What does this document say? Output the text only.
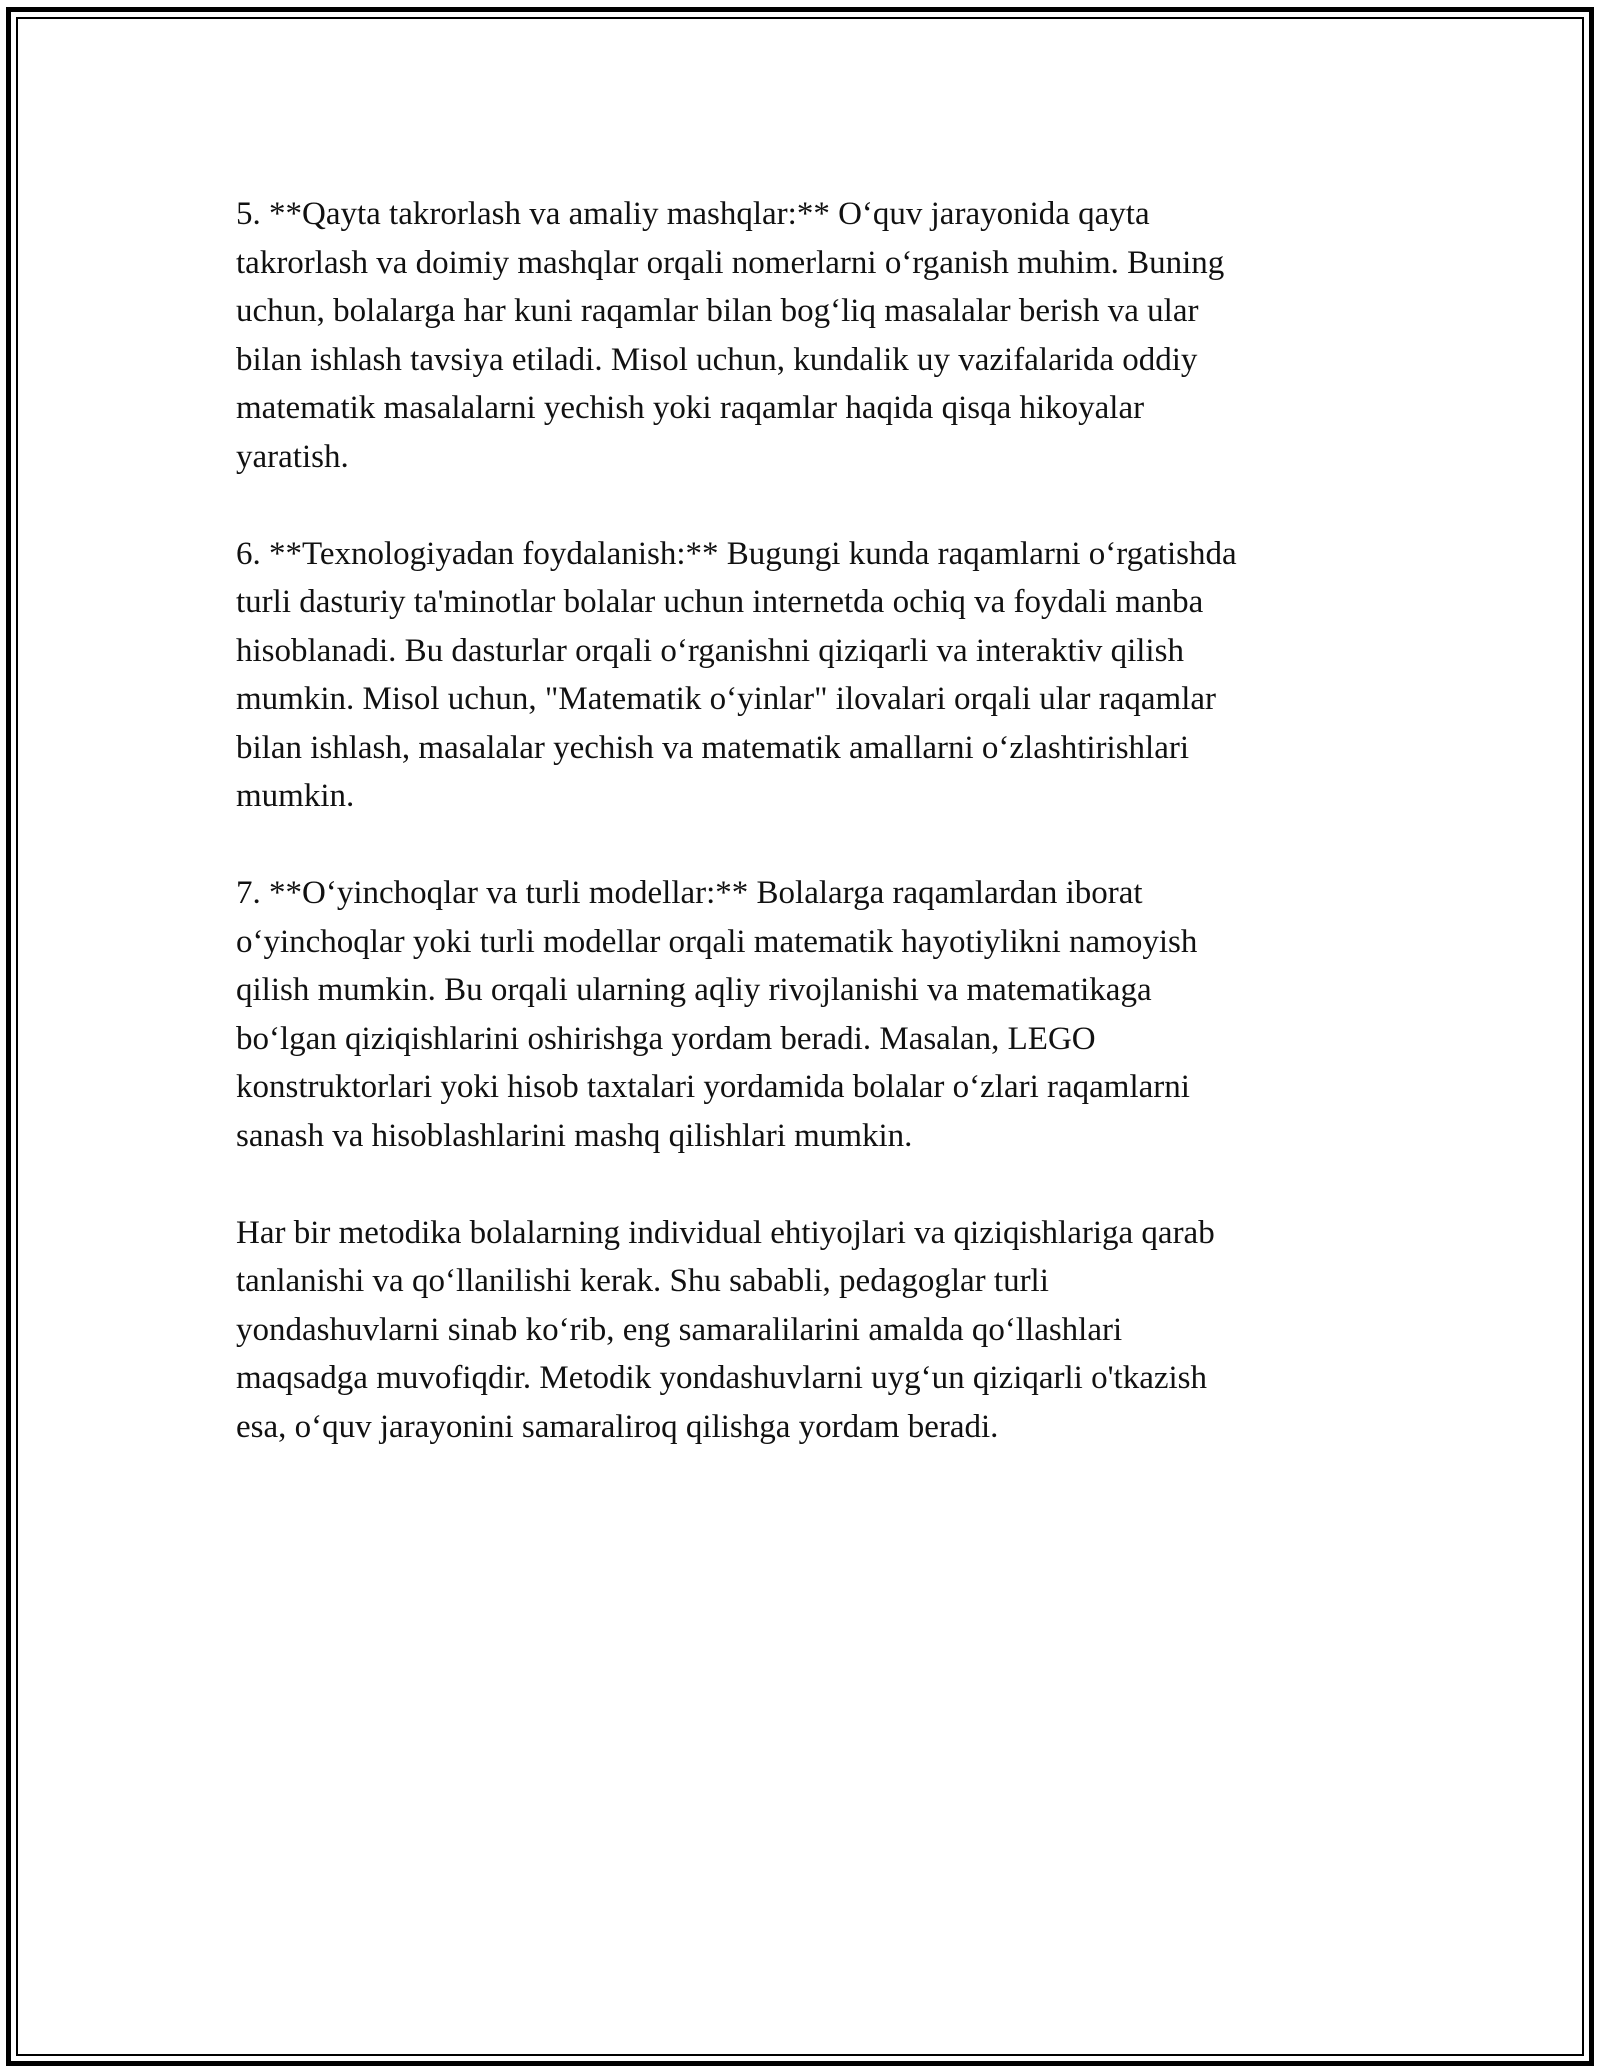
5. **Qayta takrorlash va amaliy mashqlar:** O‘quv jarayonida qayta
takrorlash va doimiy mashqlar orqali nomerlarni o‘rganish muhim. Buning
uchun, bolalarga har kuni raqamlar bilan bog‘liq masalalar berish va ular
bilan ishlash tavsiya etiladi. Misol uchun, kundalik uy vazifalarida oddiy
matematik masalalarni yechish yoki raqamlar haqida qisqa hikoyalar
yaratish.

6. **Texnologiyadan foydalanish:** Bugungi kunda raqamlarni o‘rgatishda
turli dasturiy ta'minotlar bolalar uchun internetda ochiq va foydali manba
hisoblanadi. Bu dasturlar orqali o‘rganishni qiziqarli va interaktiv qilish
mumkin. Misol uchun, "Matematik o‘yinlar" ilovalari orqali ular raqamlar
bilan ishlash, masalalar yechish va matematik amallarni o‘zlashtirishlari
mumkin.

7. **O‘yinchoqlar va turli modellar:** Bolalarga raqamlardan iborat
o‘yinchoqlar yoki turli modellar orqali matematik hayotiylikni namoyish
qilish mumkin. Bu orqali ularning aqliy rivojlanishi va matematikaga
bo‘lgan qiziqishlarini oshirishga yordam beradi. Masalan, LEGO
konstruktorlari yoki hisob taxtalari yordamida bolalar o‘zlari raqamlarni
sanash va hisoblashlarini mashq qilishlari mumkin.

Har bir metodika bolalarning individual ehtiyojlari va qiziqishlariga qarab
tanlanishi va qo‘llanilishi kerak. Shu sababli, pedagoglar turli
yondashuvlarni sinab ko‘rib, eng samaralilarini amalda qo‘llashlari
maqsadga muvofiqdir. Metodik yondashuvlarni uyg‘un qiziqarli o'tkazish
esa, o‘quv jarayonini samaraliroq qilishga yordam beradi.
